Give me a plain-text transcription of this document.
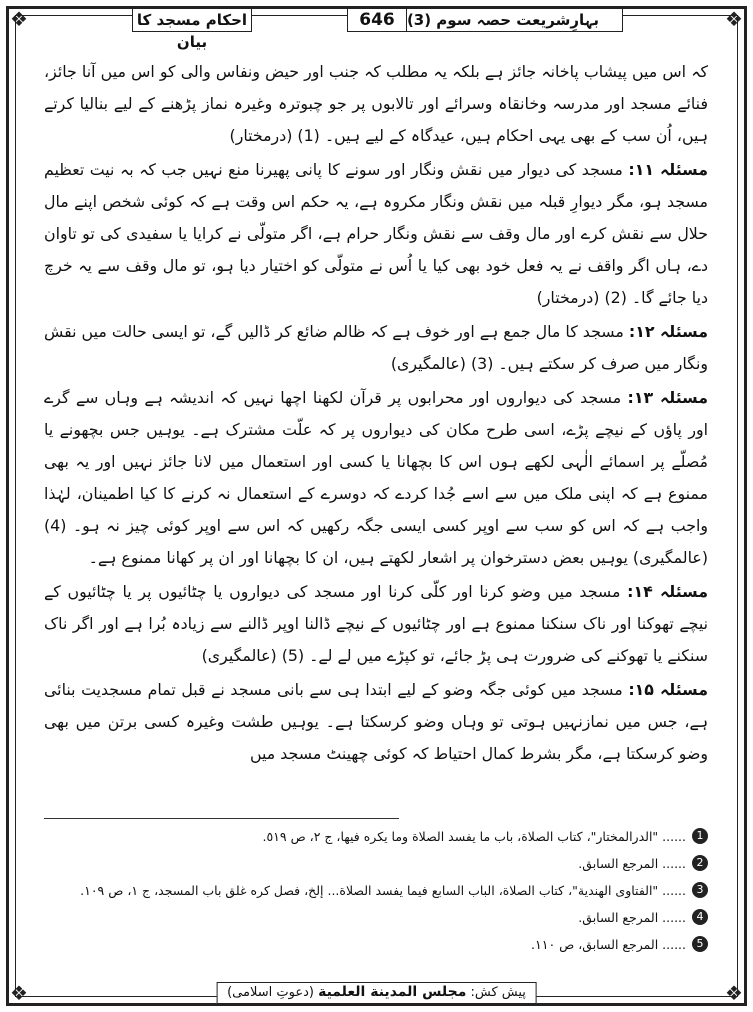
❖	❖
❖	❖
بہارِشریعت حصہ سوم (3)
646
احکام مسجد کا بیان

کہ اس میں پیشاب پاخانہ جائز ہے بلکہ یہ مطلب کہ جنب اور حیض ونفاس والی کو اس میں آنا جائز، فنائے مسجد اور مدرسہ وخانقاہ وسرائے اور تالابوں پر جو چبوترہ وغیرہ نماز پڑھنے کے لیے بنالیا کرتے ہیں، اُن سب کے بھی یہی احکام ہیں، عیدگاہ کے لیے ہیں۔ (1) (درمختار)

مسئلہ ۱۱: مسجد کی دیوار میں نقش ونگار اور سونے کا پانی پھیرنا منع نہیں جب کہ بہ نیت تعظیم مسجد ہو، مگر دیوارِ قبلہ میں نقش ونگار مکروہ ہے، یہ حکم اس وقت ہے کہ کوئی شخص اپنے مال حلال سے نقش کرے اور مال وقف سے نقش ونگار حرام ہے، اگر متولّی نے کرایا یا سفیدی کی تو تاوان دے، ہاں اگر واقف نے یہ فعل خود بھی کیا یا اُس نے متولّی کو اختیار دیا ہو، تو مال وقف سے یہ خرچ دیا جائے گا۔ (2) (درمختار)

مسئلہ ۱۲: مسجد کا مال جمع ہے اور خوف ہے کہ ظالم ضائع کر ڈالیں گے، تو ایسی حالت میں نقش ونگار میں صرف کر سکتے ہیں۔ (3) (عالمگیری)

مسئلہ ۱۳: مسجد کی دیواروں اور محرابوں پر قرآن لکھنا اچھا نہیں کہ اندیشہ ہے وہاں سے گرے اور پاؤں کے نیچے پڑے، اسی طرح مکان کی دیواروں پر کہ علّت مشترک ہے۔ یوہیں جس بچھونے یا مُصلّے پر اسمائے الٰہی لکھے ہوں اس کا بچھانا یا کسی اور استعمال میں لانا جائز نہیں اور یہ بھی ممنوع ہے کہ اپنی ملک میں سے اسے جُدا کردے کہ دوسرے کے استعمال نہ کرنے کا کیا اطمینان، لہٰذا واجب ہے کہ اس کو سب سے اوپر کسی ایسی جگہ رکھیں کہ اس سے اوپر کوئی چیز نہ ہو۔ (4) (عالمگیری) یوہیں بعض دسترخوان پر اشعار لکھتے ہیں، ان کا بچھانا اور ان پر کھانا ممنوع ہے۔

مسئلہ ۱۴: مسجد میں وضو کرنا اور کلّی کرنا اور مسجد کی دیواروں یا چٹائیوں پر یا چٹائیوں کے نیچے تھوکنا اور ناک سنکنا ممنوع ہے اور چٹائیوں کے نیچے ڈالنا اوپر ڈالنے سے زیادہ بُرا ہے اور اگر ناک سنکنے یا تھوکنے کی ضرورت ہی پڑ جائے، تو کپڑے میں لے لے۔ (5) (عالمگیری)

مسئلہ ۱۵: مسجد میں کوئی جگہ وضو کے لیے ابتدا ہی سے بانی مسجد نے قبل تمام مسجدیت بنائی ہے، جس میں نمازنہیں ہوتی تو وہاں وضو کرسکتا ہے۔ یوہیں طشت وغیرہ کسی برتن میں بھی وضو کرسکتا ہے، مگر بشرط کمال احتیاط کہ کوئی چھینٹ مسجد میں

1
...... "الدرالمختار"، كتاب الصلاة، باب ما يفسد الصلاة وما يكره فيها، ج ٢، ص ٥١٩.
2
...... المرجع السابق.
3
...... "الفتاوى الهندية"، كتاب الصلاة، الباب السابع فيما يفسد الصلاة... إلخ، فصل كره غلق باب المسجد، ج ١، ص ١٠٩.
4
...... المرجع السابق.
5
...... المرجع السابق، ص ١١٠.
پیش کش: مجلس المدينة العلمية (دعوتِ اسلامی)
